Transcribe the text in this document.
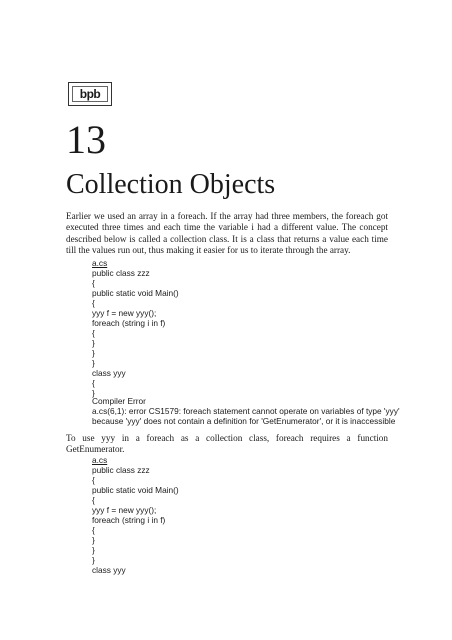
bpb
13
Collection Objects

Earlier we used an array in a foreach. If the array had three members, the foreach got executed three times and each time the variable i had a different value. The concept described below is called a collection class. It is a class that returns a value each time till the values run out, thus making it easier for us to iterate through the array.

a.cs
public class zzz
{
public static void Main()
{
yyy f = new yyy();
foreach (string i in f)
{
}
}
}
class yyy
{
}
Compiler Error
a.cs(6,1): error CS1579: foreach statement cannot operate on variables of type 'yyy'
because 'yyy' does not contain a definition for 'GetEnumerator', or it is inaccessible

To use yyy in a foreach as a collection class, foreach requires a function GetEnumerator.

a.cs
public class zzz
{
public static void Main()
{
yyy f = new yyy();
foreach (string i in f)
{
}
}
}
class yyy
